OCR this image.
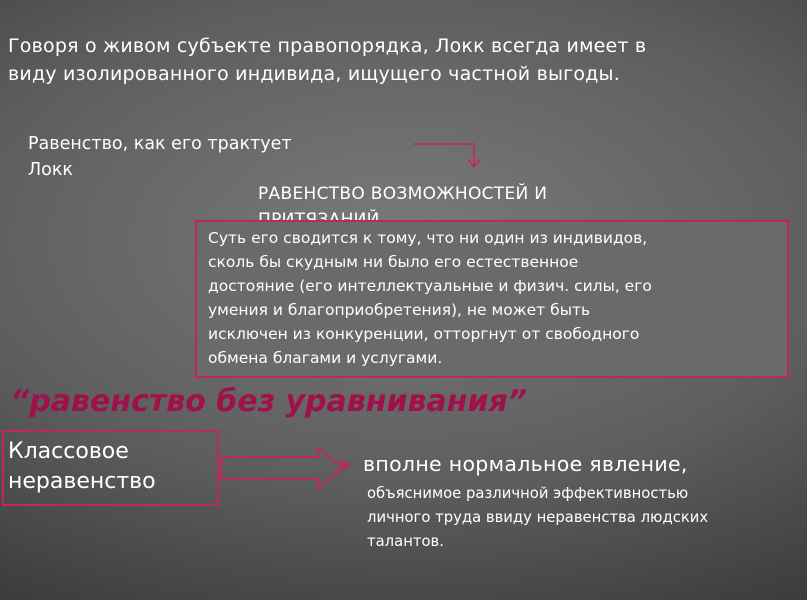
Говоря о живом субъекте правопорядка, Локк всегда имеет в
виду изолированного индивида, ищущего частной выгоды.
Равенство, как его трактует
Локк
РАВЕНСТВО ВОЗМОЖНОСТЕЙ И
Суть его сводится к тому, что ни один из индивидов,
сколь бы скудным ни было его естественное
достояние (его интеллектуальные и физич. силы, его
умения и благоприобретения), не может быть
исключен из конкуренции, отторгнут от свободного
обмена благами и услугами.
“равенство без уравнивания”
Классовое
неравенство
вполне нормальное явление,
объяснимое различной эффективностью
личного труда ввиду неравенства людских
талантов.
